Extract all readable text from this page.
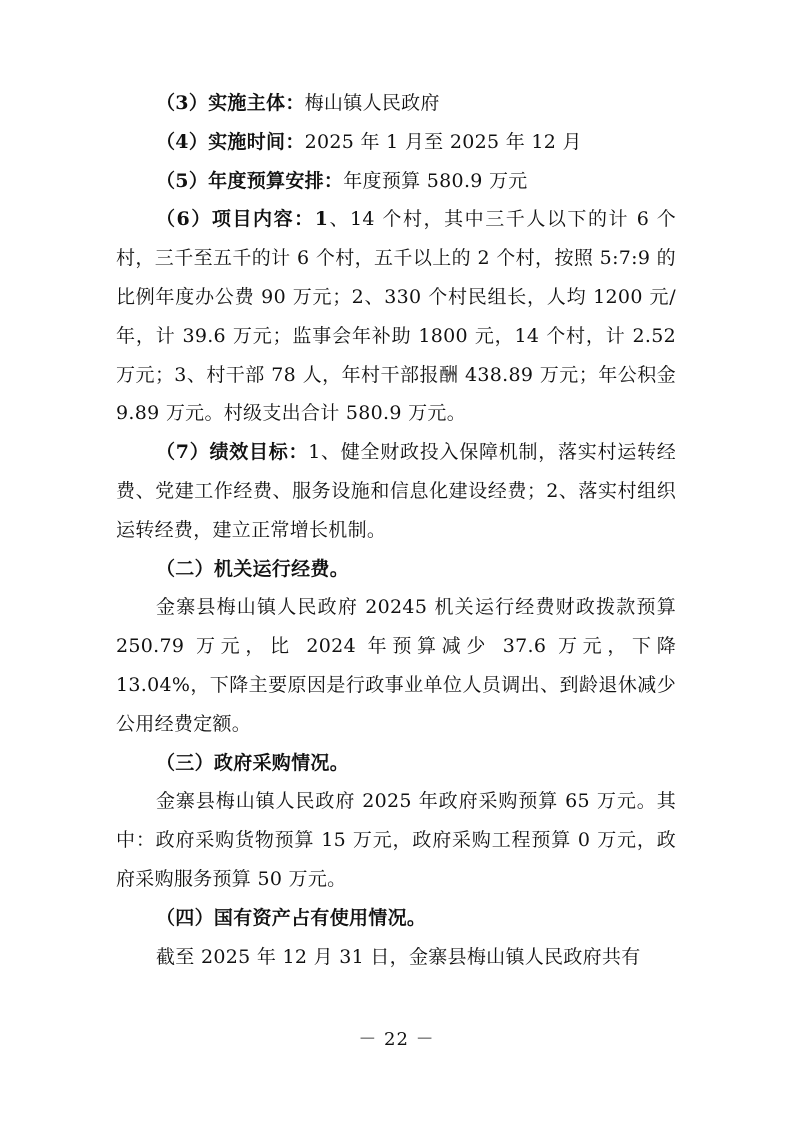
（3）实施主体：梅山镇人民政府

（4）实施时间：2025 年 1 月至 2025 年 12 月

（5）年度预算安排：年度预算 580.9 万元

（6）项目内容：1、14 个村，其中三千人以下的计 6 个村，三千至五千的计 6 个村，五千以上的 2 个村，按照 5:7:9 的比例年度办公费 90 万元；2、330 个村民组长，人均 1200 元/年，计 39.6 万元；监事会年补助 1800 元，14 个村，计 2.52 万元；3、村干部 78 人，年村干部报酬 438.89 万元；年公积金 9.89 万元。村级支出合计 580.9 万元。

（7）绩效目标：1、健全财政投入保障机制，落实村运转经费、党建工作经费、服务设施和信息化建设经费；2、落实村组织运转经费，建立正常增长机制。

（二）机关运行经费。

金寨县梅山镇人民政府 20245 机关运行经费财政拨款预算 250.79 万元，比 2024 年预算减少 37.6 万元，下降 13.04%，下降主要原因是行政事业单位人员调出、到龄退休减少公用经费定额。

（三）政府采购情况。

金寨县梅山镇人民政府 2025 年政府采购预算 65 万元。其中：政府采购货物预算 15 万元，政府采购工程预算 0 万元，政府采购服务预算 50 万元。

（四）国有资产占有使用情况。

截至 2025 年 12 月 31 日，金寨县梅山镇人民政府共有

－ 22 －
